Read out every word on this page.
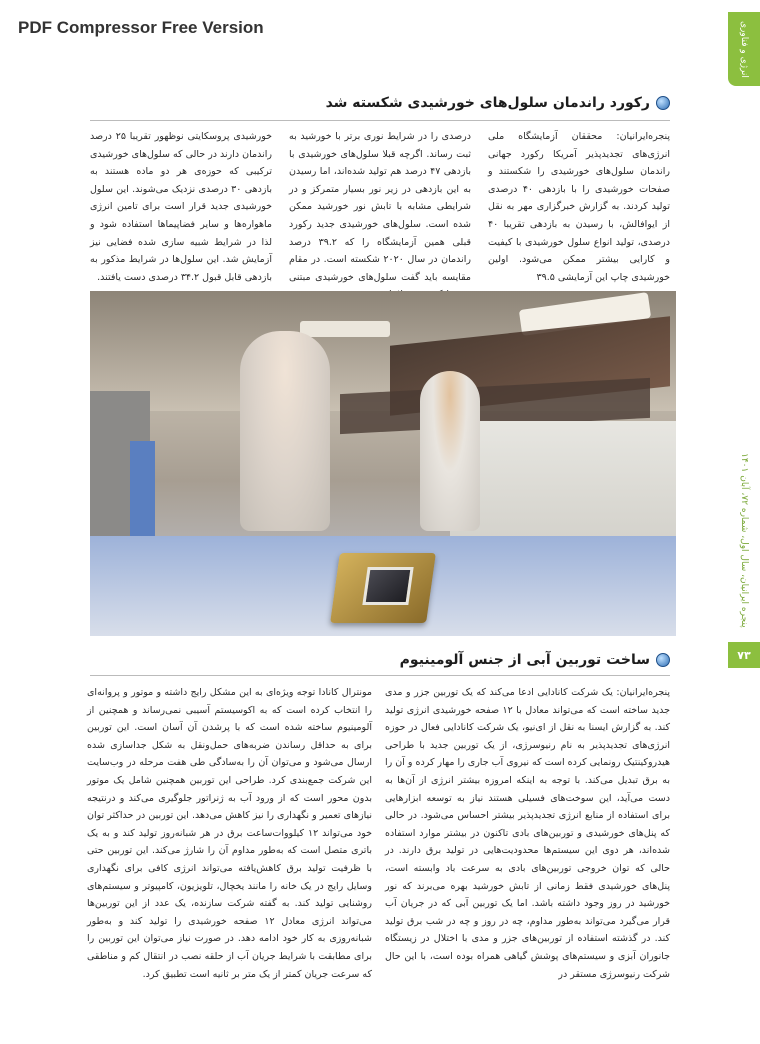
PDF Compressor Free Version	انرژی و فناوری
رکورد راندمان سلول‌های خورشیدی شکسته شد

پنجره‌ایرانیان: محققان آزمایشگاه ملی انرژی‌های تجدیدپذیر آمریکا رکورد جهانی راندمان سلول‌های خورشیدی را شکستند و صفحات خورشیدی را با بازدهی ۴۰ درصدی تولید کردند. به گزارش خبرگزاری مهر به نقل از ایوافالش، با رسیدن به بازدهی تقریبا ۴۰ درصدی، تولید انواع سلول خورشیدی با کیفیت و کارایی بیشتر ممکن می‌شود. اولین خورشیدی چاپ این آزمایشی ۳۹.۵

درصدی را در شرایط نوری برتر با خورشید به ثبت رساند. اگرچه قبلا سلول‌های خورشیدی با بازدهی ۴۷ درصد هم تولید شده‌اند، اما رسیدن به این بازدهی در زیر نور بسیار متمرکز و در شرایطی مشابه با تابش نور خورشید ممکن شده است. سلول‌های خورشیدی جدید رکورد قبلی همین آزمایشگاه را که ۳۹.۲ درصد راندمان در سال ۲۰۲۰ شکسته است. در مقام مقایسه باید گفت سلول‌های خورشیدی مبتنی

خورشیدی پروسکایتی نوظهور تقریبا ۲۵ درصد راندمان دارند در حالی که سلول‌های خورشیدی ترکیبی که حوزه‌ی هر دو ماده هستند به بازدهی ۳۰ درصدی نزدیک می‌شوند. این سلول خورشیدی جدید قرار است برای تامین انرژی ماهواره‌ها و سایر فضاپیماها استفاده شود و لذا در شرایط شبیه سازی شده فضایی نیز آزمایش شد. این سلول‌ها در شرایط مذکور به بازدهی قابل قبول ۳۴.۲ درصدی دست یافتند.

ساخت توربین آبی از جنس آلومینیوم

پنجره‌ایرانیان: یک شرکت کانادایی ادعا می‌کند که یک توربین جزر و مدی جدید ساخته است که می‌تواند معادل با ۱۲ صفحه خورشیدی انرژی تولید کند. به گزارش ایسنا به نقل از ای‌نیو، یک شرکت کانادایی فعال در حوزه انرژی‌های تجدیدپذیر به نام رنیوسرژی، از یک توربین جدید با طراحی هیدروکینتیک رونمایی کرده است که نیروی آب جاری را مهار کرده و آن را به برق تبدیل می‌کند. با توجه به اینکه امروزه بیشتر انرژی از آن‌ها به دست می‌آید، این سوخت‌های فسیلی هستند نیاز به توسعه ابزارهایی برای استفاده از منابع انرژی تجدیدپذیر بیشتر احساس می‌شود. در حالی که پنل‌های خورشیدی و توربین‌های بادی تاکنون در بیشتر موارد استفاده شده‌اند، هر دوی این سیستم‌ها محدودیت‌هایی در تولید برق دارند. در حالی که توان خروجی توربین‌های بادی به سرعت باد وابسته است، پنل‌های خورشیدی فقط زمانی از تابش خورشید بهره می‌برند که نور خورشید در روز وجود داشته باشد. اما یک توربین آبی که در جریان آب قرار می‌گیرد می‌تواند به‌طور مداوم، چه در روز و چه در شب برق تولید کند. در گذشته استفاده از توربین‌های جزر و مدی با اختلال در زیستگاه جانوران آبزی و سیستم‌های پوشش گیاهی همراه بوده است، با این حال شرکت رنیوسرژی مستقر در

مونترال کانادا توجه ویژه‌ای به این مشکل رایج داشته و موتور و پروانه‌ای را انتخاب کرده است که به اکوسیستم آسیبی نمی‌رساند و همچنین از آلومینیوم ساخته شده است که با پرشدن آن آسان است. این توربین برای به حداقل رساندن ضربه‌های حمل‌ونقل به شکل جداسازی شده ارسال می‌شود و می‌توان آن را به‌سادگی طی هفت مرحله در وب‌سایت این شرکت جمع‌بندی کرد. طراحی این توربین همچنین شامل یک موتور بدون محور است که از ورود آب به ژنراتور جلوگیری می‌کند و درنتیجه نیازهای تعمیر و نگهداری را نیز کاهش می‌دهد. این توربین در حداکثر توان خود می‌تواند ۱۲ کیلووات‌ساعت برق در هر شبانه‌روز تولید کند و به یک باتری متصل است که به‌طور مداوم آن را شارژ می‌کند. این توربین حتی با ظرفیت تولید برق کاهش‌یافته می‌تواند انرژی کافی برای نگهداری وسایل رایج در یک خانه را مانند یخچال، تلویزیون، کامپیوتر و سیستم‌های روشنایی تولید کند. به گفته شرکت سازنده، یک عدد از این توربین‌ها می‌تواند انرژی معادل ۱۲ صفحه خورشیدی را تولید کند و به‌طور شبانه‌روزی به کار خود ادامه دهد. در صورت نیاز می‌توان این توربین را برای مطابقت با شرایط جریان آب از حلقه نصب در انتقال کم و مناطقی که سرعت جریان کمتر از یک متر بر ثانیه است تطبیق کرد.

پنجره ایرانیان، سال اول، شماره ۷۲، آبان ۱۴۰۱
۷۳
